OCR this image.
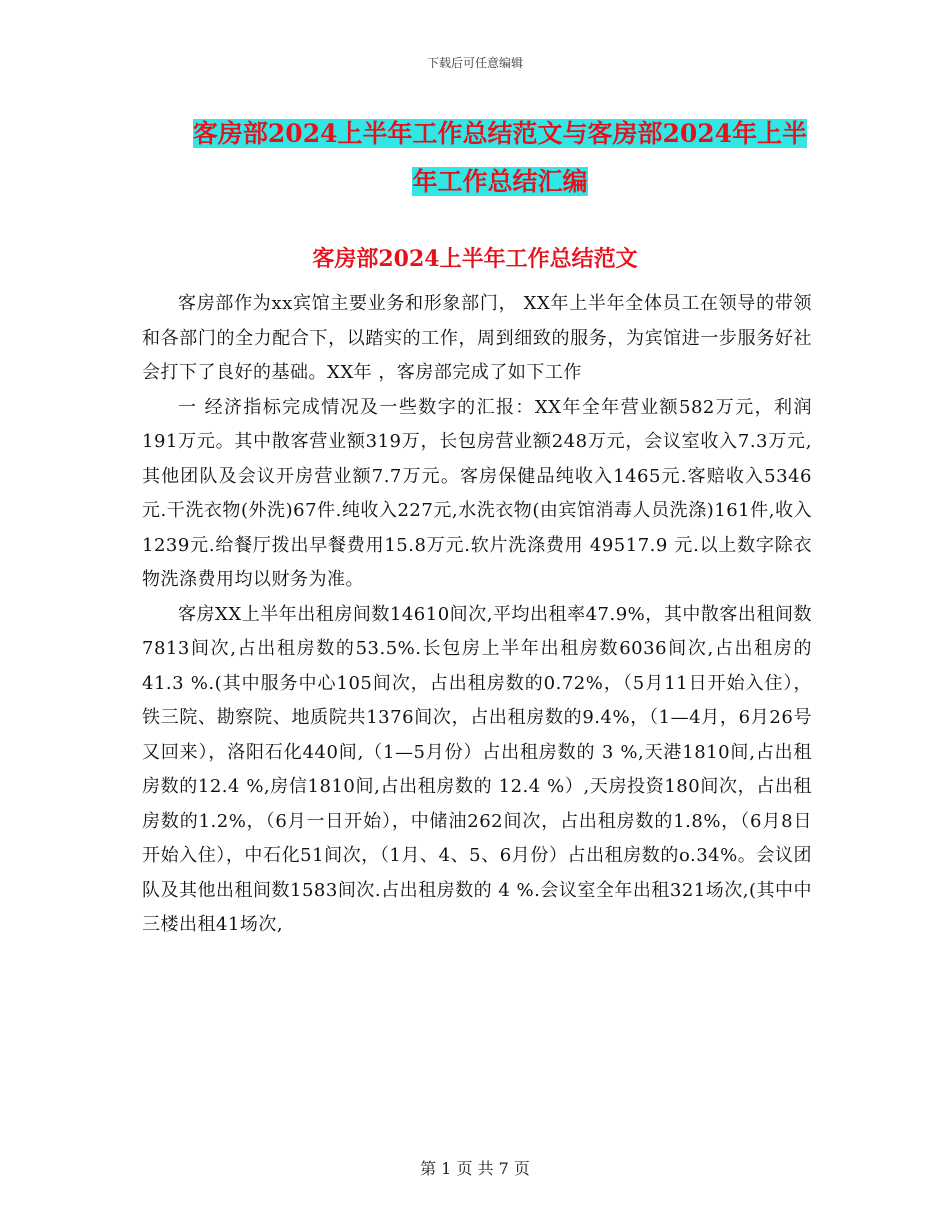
下载后可任意编辑
客房部2024上半年工作总结范文与客房部2024年上半年工作总结汇编
客房部2024上半年工作总结范文

客房部作为xx宾馆主要业务和形象部门， XX年上半年全体员工在领导的带领和各部门的全力配合下，以踏实的工作，周到细致的服务，为宾馆进一步服务好社会打下了良好的基础。XX年 ，客房部完成了如下工作

一 经济指标完成情况及一些数字的汇报：XX年全年营业额582万元，利润191万元。其中散客营业额319万，长包房营业额248万元，会议室收入7.3万元,其他团队及会议开房营业额7.7万元。客房保健品纯收入1465元.客赔收入5346元.干洗衣物(外洗)67件.纯收入227元,水洗衣物(由宾馆消毒人员洗涤)161件,收入1239元.给餐厅拨出早餐费用15.8万元.软片洗涤费用 49517.9 元.以上数字除衣物洗涤费用均以财务为准。

客房XX上半年出租房间数14610间次,平均出租率47.9%，其中散客出租间数7813间次,占出租房数的53.5%.长包房上半年出租房数6036间次,占出租房的 41.3 %.(其中服务中心105间次，占出租房数的0.72%，（5月11日开始入住），铁三院、勘察院、地质院共1376间次，占出租房数的9.4%，（1—4月，6月26号又回来），洛阳石化440间,（1—5月份）占出租房数的 3 %,天港1810间,占出租房数的12.4 %,房信1810间,占出租房数的 12.4 %）,天房投资180间次，占出租房数的1.2%，（6月一日开始），中储油262间次，占出租房数的1.8%，（6月8日开始入住），中石化51间次，（1月、4、5、6月份）占出租房数的o.34%。会议团队及其他出租间数1583间次.占出租房数的 4 %.会议室全年出租321场次,(其中中三楼出租41场次,

第 1 页 共 7 页
